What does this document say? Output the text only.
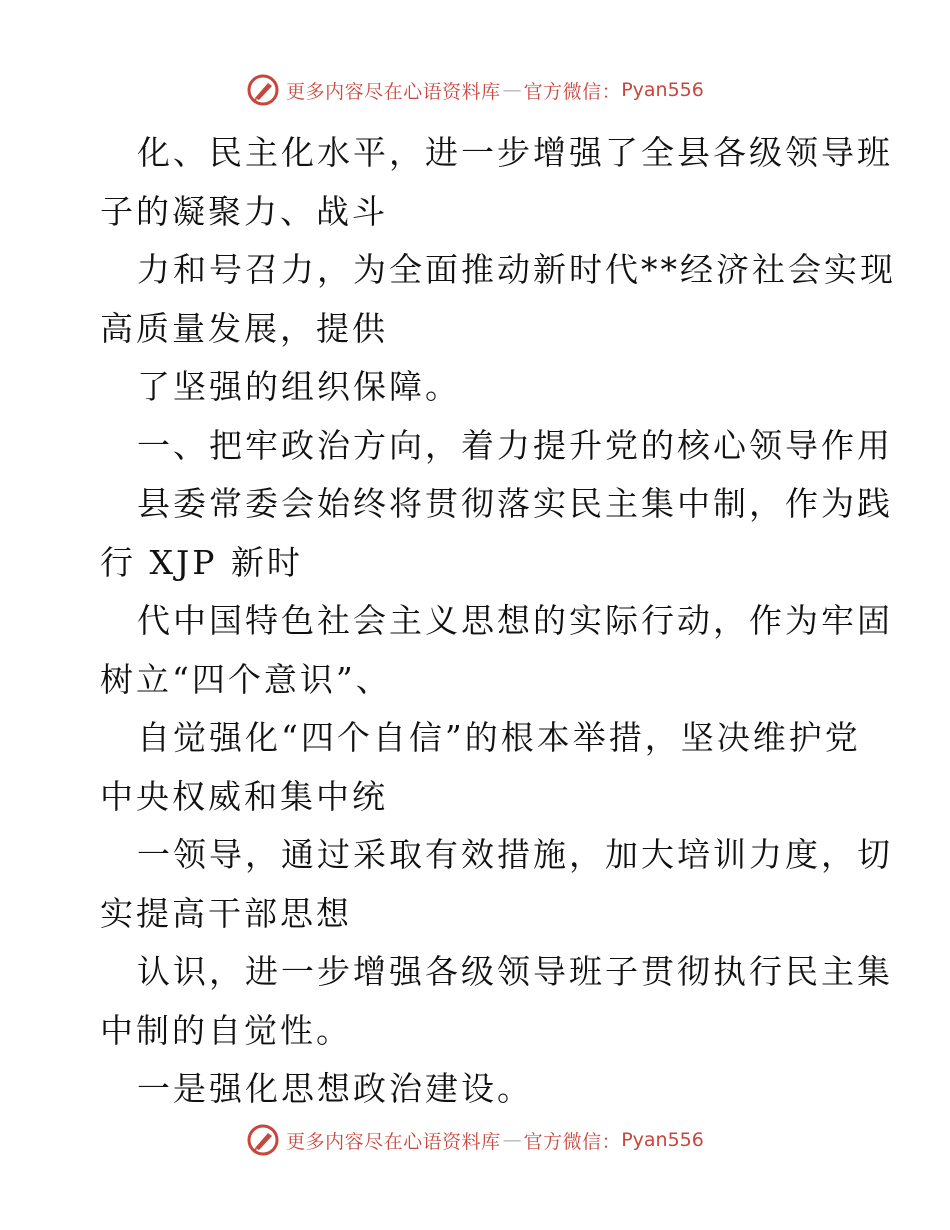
更多内容尽在心语资料库 — 官方微信： Pyan556
化、民主化水平，进一步增强了全县各级领导班
子的凝聚力、战斗
力和号召力，为全面推动新时代**经济社会实现
高质量发展，提供
了坚强的组织保障。
一、把牢政治方向，着力提升党的核心领导作用
县委常委会始终将贯彻落实民主集中制，作为践
行 XJP 新时
代中国特色社会主义思想的实际行动，作为牢固
树立“四个意识”、
自觉强化“四个自信”的根本举措，坚决维护党
中央权威和集中统
一领导，通过采取有效措施，加大培训力度，切
实提高干部思想
认识，进一步增强各级领导班子贯彻执行民主集
中制的自觉性。
一是强化思想政治建设。
更多内容尽在心语资料库 — 官方微信： Pyan556
